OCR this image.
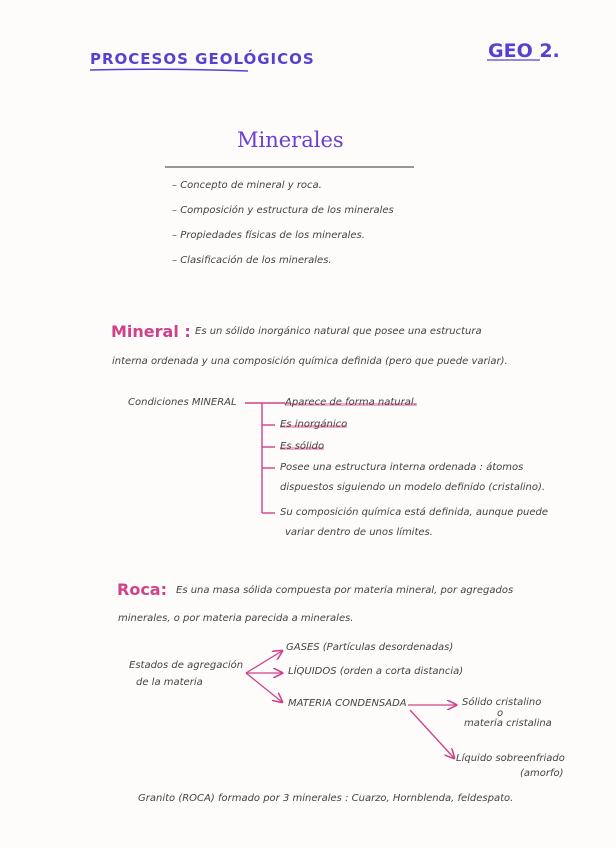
PROCESOS GEOLÓGICOS	GEO 2.
Minerales
– Concepto de mineral y roca.
– Composición y estructura de los minerales
– Propiedades físicas de los minerales.
– Clasificación de los minerales.
Mineral : Es un sólido inorgánico natural que posee una estructura
interna ordenada y una composición química definida (pero que puede variar).
Condiciones MINERAL	Aparece de forma natural.
Es inorgánico
Es sólido
Posee una estructura interna ordenada : átomos
dispuestos siguiendo un modelo definido (cristalino).
Su composición química está definida, aunque puede
variar dentro de unos límites.
Roca: Es una masa sólida compuesta por materia mineral, por agregados
minerales, o por materia parecida a minerales.
Estados de agregación
de la materia
GASES (Partículas desordenadas)
LÍQUIDOS (orden a corta distancia)
MATERIA CONDENSADA	Sólido cristalino
o
materia cristalina
Líquido sobreenfriado
(amorfo)
Granito (ROCA) formado por 3 minerales : Cuarzo, Hornblenda, feldespato.
